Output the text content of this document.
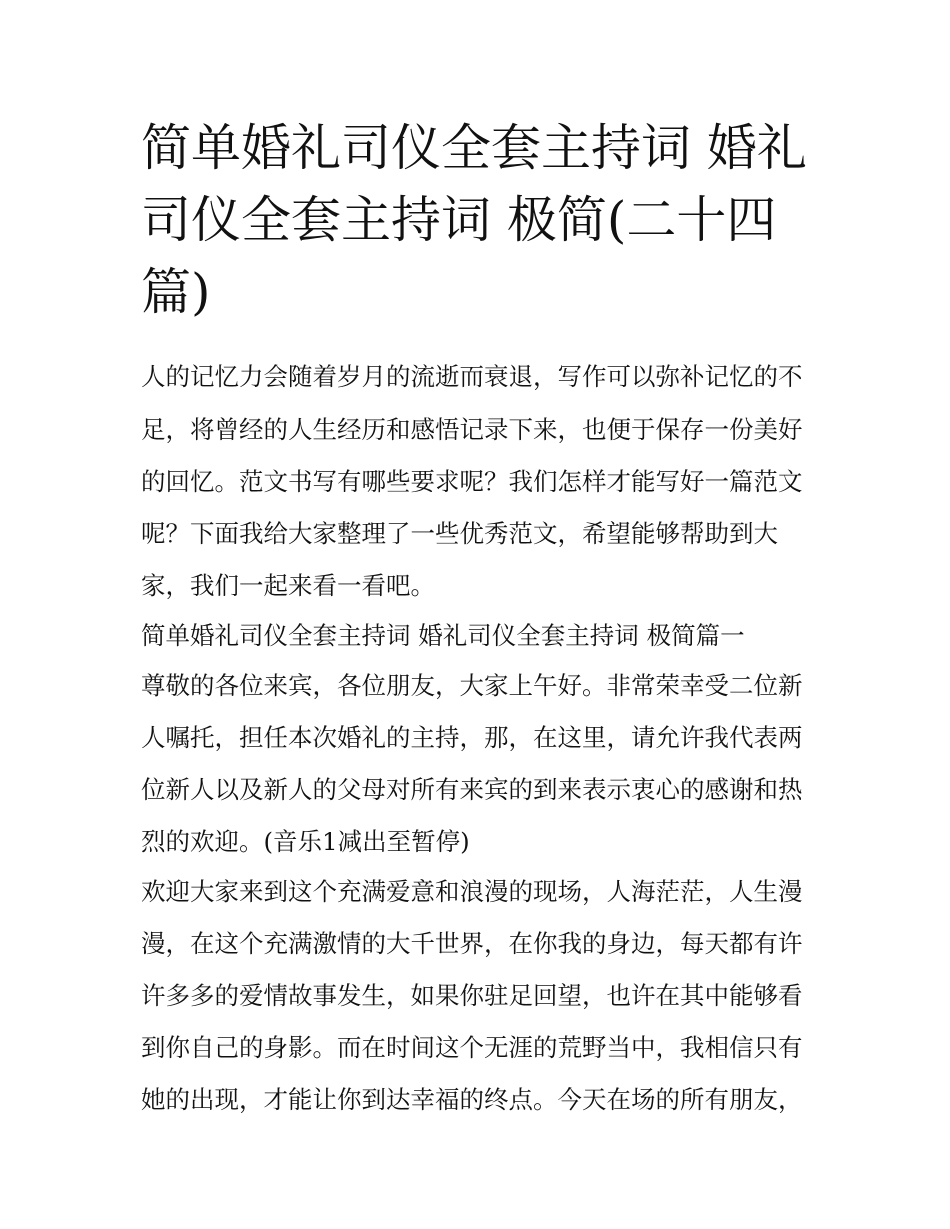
简单婚礼司仪全套主持词 婚礼司仪全套主持词 极简(二十四篇)

人的记忆力会随着岁月的流逝而衰退，写作可以弥补记忆的不

足，将曾经的人生经历和感悟记录下来，也便于保存一份美好

的回忆。范文书写有哪些要求呢？我们怎样才能写好一篇范文

呢？下面我给大家整理了一些优秀范文，希望能够帮助到大

家，我们一起来看一看吧。

简单婚礼司仪全套主持词 婚礼司仪全套主持词 极简篇一

尊敬的各位来宾，各位朋友，大家上午好。非常荣幸受二位新

人嘱托，担任本次婚礼的主持，那，在这里，请允许我代表两

位新人以及新人的父母对所有来宾的到来表示衷心的感谢和热

烈的欢迎。(音乐1减出至暂停)

欢迎大家来到这个充满爱意和浪漫的现场，人海茫茫，人生漫

漫，在这个充满激情的大千世界，在你我的身边，每天都有许

许多多的爱情故事发生，如果你驻足回望，也许在其中能够看

到你自己的身影。而在时间这个无涯的荒野当中，我相信只有

她的出现，才能让你到达幸福的终点。今天在场的所有朋友，
